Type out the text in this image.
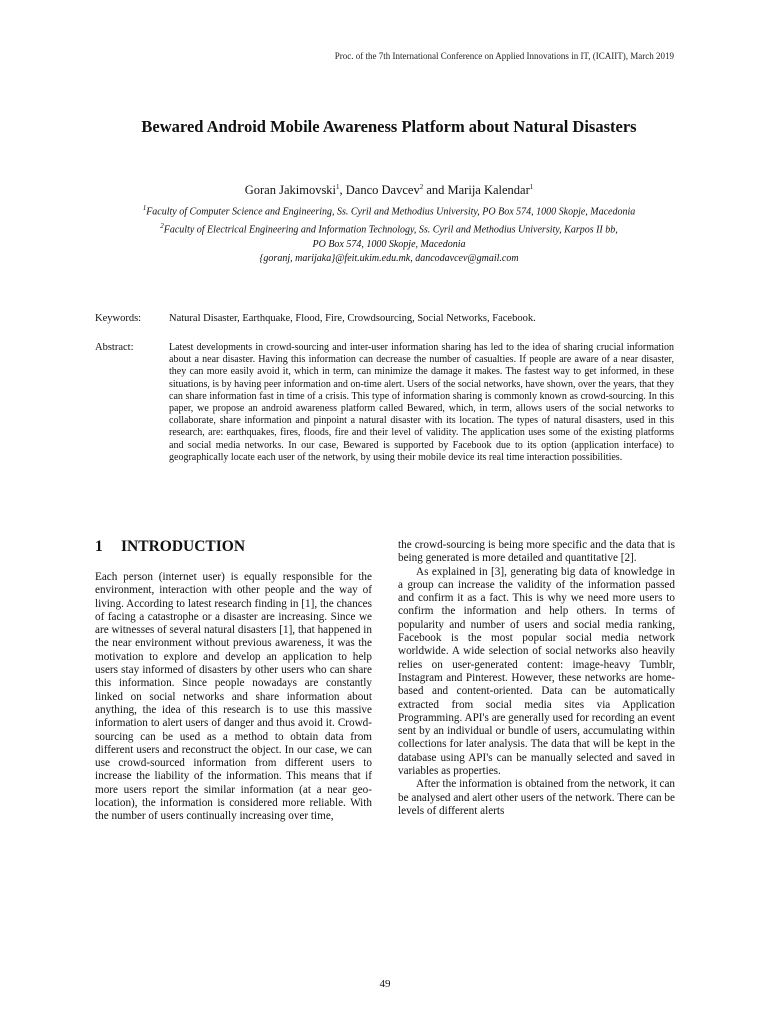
Proc. of the 7th International Conference on Applied Innovations in IT, (ICAIIT), March 2019
Bewared Android Mobile Awareness Platform about Natural Disasters
Goran Jakimovski$^1$, Danco Davcev$^2$ and Marija Kalendar$^1$
$^1$Faculty of Computer Science and Engineering, Ss. Cyril and Methodius University, PO Box 574, 1000 Skopje, Macedonia
$^2$Faculty of Electrical Engineering and Information Technology, Ss. Cyril and Methodius University, Karpos II bb,
PO Box 574, 1000 Skopje, Macedonia
{goranj, marijaka}@feit.ukim.edu.mk, dancodavcev@gmail.com
Keywords:	Natural Disaster, Earthquake, Flood, Fire, Crowdsourcing, Social Networks, Facebook.
Abstract:	Latest developments in crowd-sourcing and inter-user information sharing has led to the idea of sharing crucial information about a near disaster. Having this information can decrease the number of casualties. If people are aware of a near disaster, they can more easily avoid it, which in term, can minimize the damage it makes. The fastest way to get informed, in these situations, is by having peer information and on-time alert. Users of the social networks, have shown, over the years, that they can share information fast in time of a crisis. This type of information sharing is commonly known as crowd-sourcing. In this paper, we propose an android awareness platform called Bewared, which, in term, allows users of the social networks to collaborate, share information and pinpoint a natural disaster with its location. The types of natural disasters, used in this research, are: earthquakes, fires, floods, fire and their level of validity. The application uses some of the existing platforms and social media networks. In our case, Bewared is supported by Facebook due to its option (application interface) to geographically locate each user of the network, by using their mobile device its real time interaction possibilities.
1 INTRODUCTION

Each person (internet user) is equally responsible for the environment, interaction with other people and the way of living. According to latest research finding in [1], the chances of facing a catastrophe or a disaster are increasing. Since we are witnesses of several natural disasters [1], that happened in the near environment without previous awareness, it was the motivation to explore and develop an application to help users stay informed of disasters by other users who can share this information. Since people nowadays are constantly linked on social networks and share information about anything, the idea of this research is to use this massive information to alert users of danger and thus avoid it. Crowd-sourcing can be used as a method to obtain data from different users and reconstruct the object. In our case, we can use crowd-sourced information from different users to increase the liability of the information. This means that if more users report the similar information (at a near geo-location), the information is considered more reliable. With the number of users continually increasing over time,

the crowd-sourcing is being more specific and the data that is being generated is more detailed and quantitative [2].

As explained in [3], generating big data of knowledge in a group can increase the validity of the information passed and confirm it as a fact. This is why we need more users to confirm the information and help others. In terms of popularity and number of users and social media ranking, Facebook is the most popular social media network worldwide. A wide selection of social networks also heavily relies on user-generated content: image-heavy Tumblr, Instagram and Pinterest. However, these networks are home-based and content-oriented. Data can be automatically extracted from social media sites via Application Programming. API's are generally used for recording an event sent by an individual or bundle of users, accumulating within collections for later analysis. The data that will be kept in the database using API's can be manually selected and saved in variables as properties.

After the information is obtained from the network, it can be analysed and alert other users of the network. There can be levels of different alerts

49
